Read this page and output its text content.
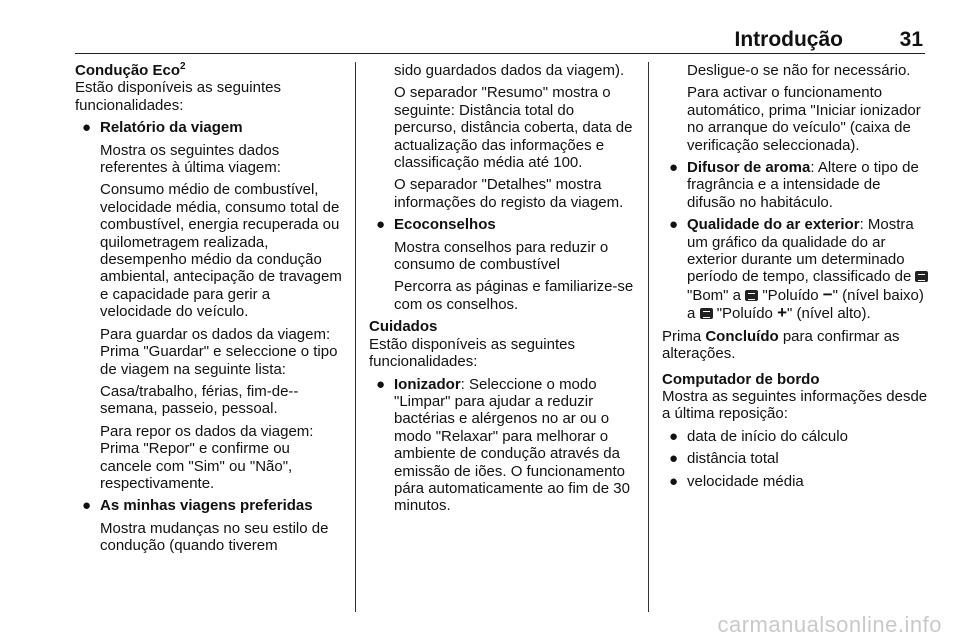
Introdução	31

Condução Eco$^2$

Estão disponíveis as seguintes funcionalidades:

● Relatório da viagem

Mostra os seguintes dados referentes à última viagem:

Consumo médio de combustível, velocidade média, consumo total de combustível, energia recuperada ou quilometragem realizada, desempenho médio da condução ambiental, antecipação de travagem e capacidade para gerir a velocidade do veículo.

Para guardar os dados da viagem: Prima "Guardar" e seleccione o tipo de viagem na seguinte lista:

Casa/trabalho, férias, fim-de--semana, passeio, pessoal.

Para repor os dados da viagem: Prima "Repor" e confirme ou cancele com "Sim" ou "Não", respectivamente.

● As minhas viagens preferidas

Mostra mudanças no seu estilo de condução (quando tiverem

sido guardados dados da viagem).

O separador "Resumo" mostra o seguinte: Distância total do percurso, distância coberta, data de actualização das informações e classificação média até 100.

O separador "Detalhes" mostra informações do registo da viagem.

● Ecoconselhos

Mostra conselhos para reduzir o consumo de combustível

Percorra as páginas e familiarize-se com os conselhos.

Cuidados

Estão disponíveis as seguintes funcionalidades:

● Ionizador: Seleccione o modo "Limpar" para ajudar a reduzir bactérias e alérgenos no ar ou o modo "Relaxar" para melhorar o ambiente de condução através da emissão de iões. O funcionamento pára automaticamente ao fim de 30 minutos.

Desligue-o se não for necessário.

Para activar o funcionamento automático, prima "Iniciar ionizador no arranque do veículo" (caixa de verificação seleccionada).

● Difusor de aroma: Altere o tipo de fragrância e a intensidade de difusão no habitáculo.

● Qualidade do ar exterior: Mostra um gráfico da qualidade do ar exterior durante um determinado período de tempo, classificado de  "Bom" a "Poluído −" (nível baixo) a "Poluído +" (nível alto).

Prima Concluído para confirmar as alterações.

Computador de bordo

Mostra as seguintes informações desde a última reposição:

● data de início do cálculo

● distância total

● velocidade média

carmanualsonline.info
